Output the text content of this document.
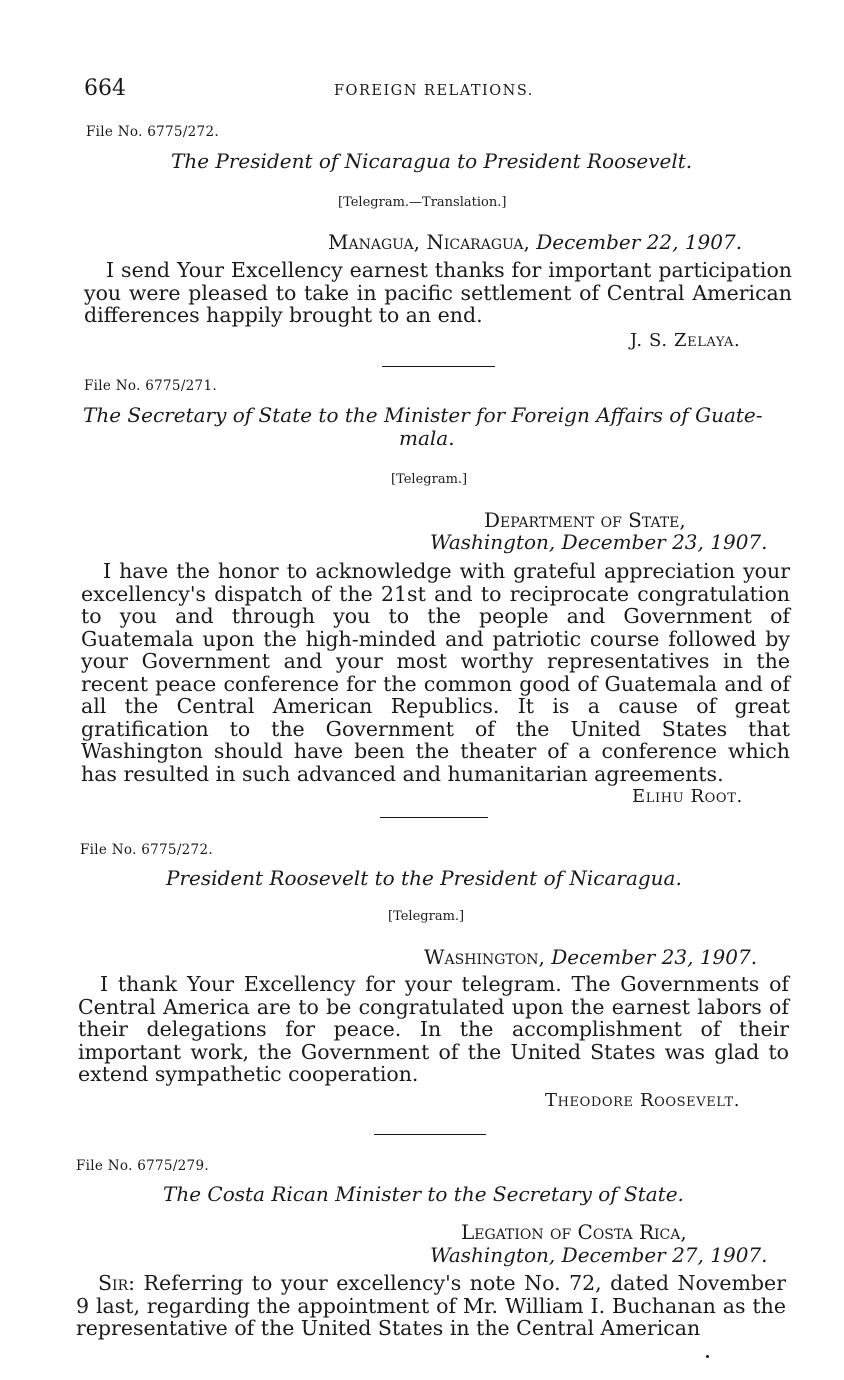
664	FOREIGN RELATIONS.
File No. 6775/272.
The President of Nicaragua to President Roosevelt.
[Telegram.—Translation.]
Managua, Nicaragua, December 22, 1907.
I send Your Excellency earnest thanks for important participation you were pleased to take in pacific settlement of Central American differences happily brought to an end.
J. S. Zelaya.
File No. 6775/271.
The Secretary of State to the Minister for Foreign Affairs of Guate-
mala.
[Telegram.]
Department of State,
Washington, December 23, 1907.
I have the honor to acknowledge with grateful appreciation your excellency's dispatch of the 21st and to reciprocate congratulation to you and through you to the people and Government of Guatemala upon the high-minded and patriotic course followed by your Government and your most worthy representatives in the recent peace conference for the common good of Guatemala and of all the Central American Republics. It is a cause of great gratification to the Government of the United States that Washington should have been the theater of a conference which has resulted in such advanced and humanitarian agreements.
Elihu Root.
File No. 6775/272.
President Roosevelt to the President of Nicaragua.
[Telegram.]
Washington, December 23, 1907.
I thank Your Excellency for your telegram. The Governments of Central America are to be congratulated upon the earnest labors of their delegations for peace. In the accomplishment of their important work, the Government of the United States was glad to extend sympathetic cooperation.
Theodore Roosevelt.
File No. 6775/279.
The Costa Rican Minister to the Secretary of State.
Legation of Costa Rica,
Washington, December 27, 1907.
Sir: Referring to your excellency's note No. 72, dated November 9 last, regarding the appointment of Mr. William I. Buchanan as the representative of the United States in the Central American
